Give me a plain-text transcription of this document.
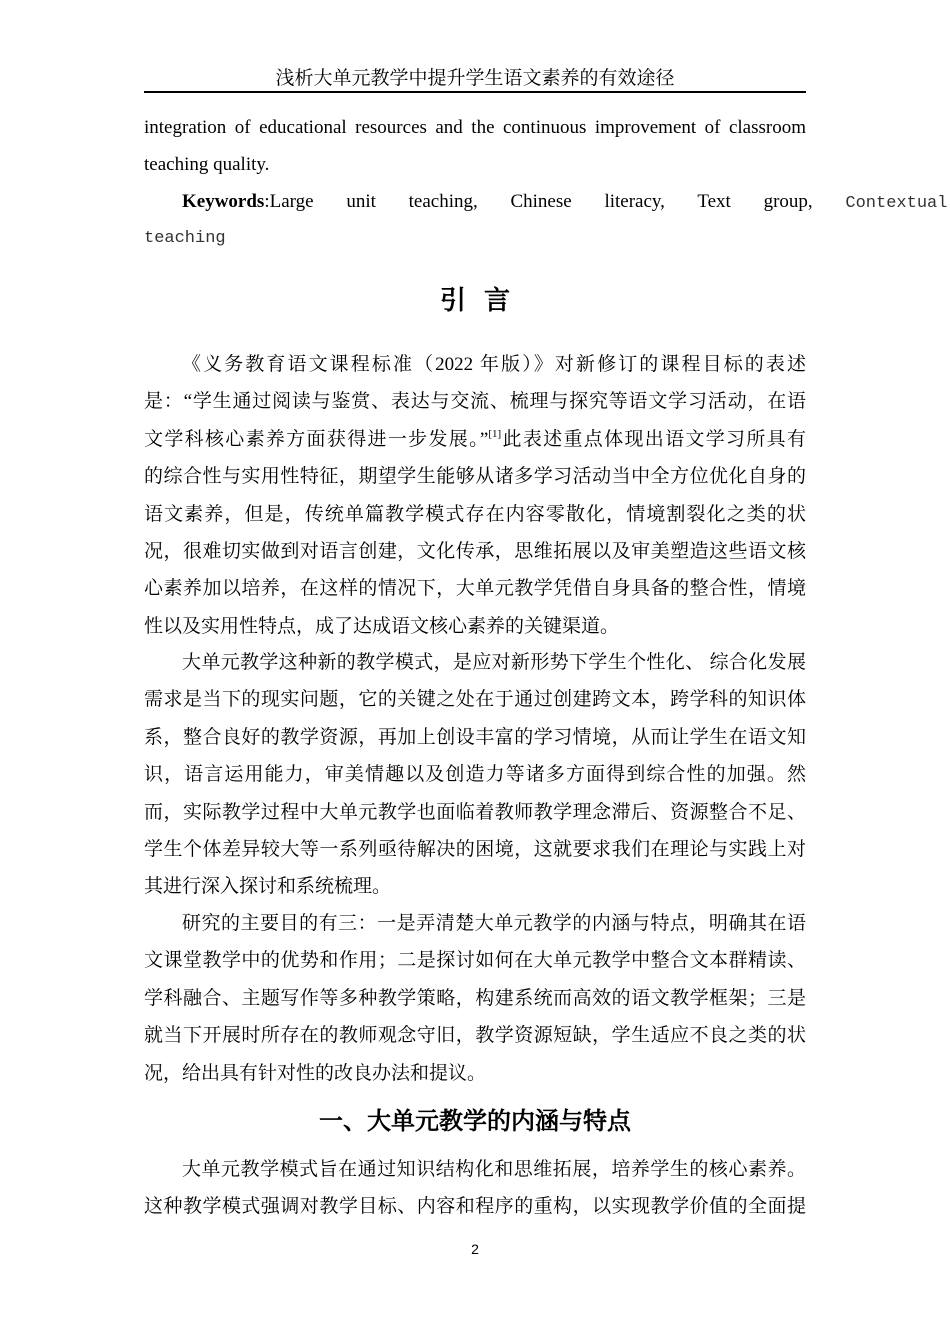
浅析大单元教学中提升学生语文素养的有效途径
integration of educational resources and the continuous improvement of classroom
teaching quality.
Keywords:Large unit teaching, Chinese literacy, Text group, Contextual
teaching
引  言
《义务教育语文课程标准（2022 年版）》对新修订的课程目标的表述
是：“学生通过阅读与鉴赏、表达与交流、梳理与探究等语文学习活动，在语
文学科核心素养方面获得进一步发展。”[1]此表述重点体现出语文学习所具有
的综合性与实用性特征，期望学生能够从诸多学习活动当中全方位优化自身的
语文素养，但是，传统单篇教学模式存在内容零散化，情境割裂化之类的状
况，很难切实做到对语言创建，文化传承，思维拓展以及审美塑造这些语文核
心素养加以培养，在这样的情况下，大单元教学凭借自身具备的整合性，情境
性以及实用性特点，成了达成语文核心素养的关键渠道。
大单元教学这种新的教学模式，是应对新形势下学生个性化、 综合化发展
需求是当下的现实问题，它的关键之处在于通过创建跨文本，跨学科的知识体
系，整合良好的教学资源，再加上创设丰富的学习情境，从而让学生在语文知
识，语言运用能力，审美情趣以及创造力等诸多方面得到综合性的加强。然
而，实际教学过程中大单元教学也面临着教师教学理念滞后、资源整合不足、
学生个体差异较大等一系列亟待解决的困境，这就要求我们在理论与实践上对
其进行深入探讨和系统梳理。
研究的主要目的有三：一是弄清楚大单元教学的内涵与特点，明确其在语
文课堂教学中的优势和作用；二是探讨如何在大单元教学中整合文本群精读、
学科融合、主题写作等多种教学策略，构建系统而高效的语文教学框架；三是
就当下开展时所存在的教师观念守旧，教学资源短缺，学生适应不良之类的状
况，给出具有针对性的改良办法和提议。
一、大单元教学的内涵与特点
大单元教学模式旨在通过知识结构化和思维拓展，培养学生的核心素养。
这种教学模式强调对教学目标、内容和程序的重构，以实现教学价值的全面提
2
